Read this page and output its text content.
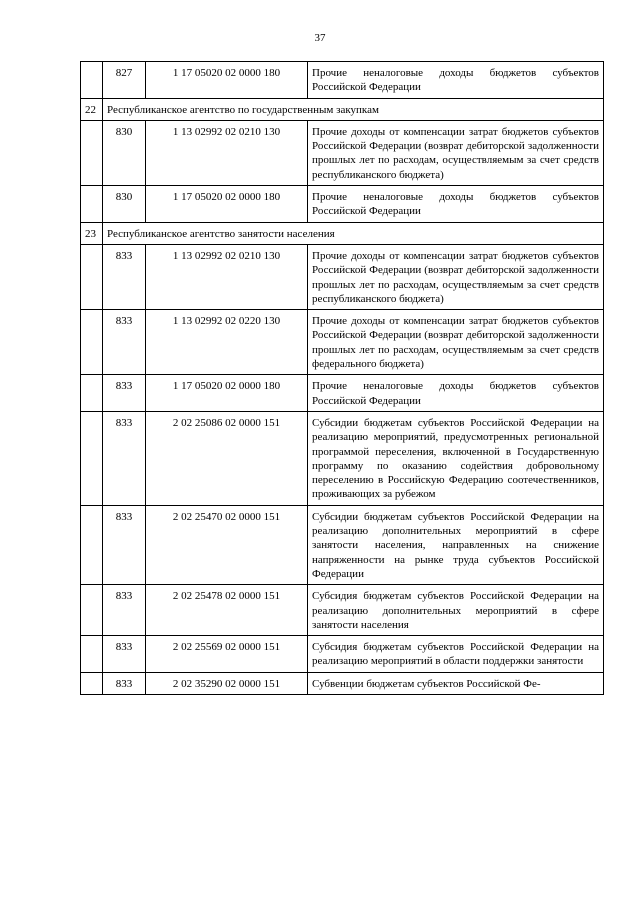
37
	827	1 17 05020 02 0000 180	Прочие неналоговые доходы бюджетов субъектов Российской Федерации
22	Республиканское агентство по государственным закупкам		
	830	1 13 02992 02 0210 130	Прочие доходы от компенсации затрат бюджетов субъектов Российской Федерации (возврат дебиторской задолженности прошлых лет по расходам, осуществляемым за счет средств республиканского бюджета)
	830	1 17 05020 02 0000 180	Прочие неналоговые доходы бюджетов субъектов Российской Федерации
23	Республиканское агентство занятости населения		
	833	1 13 02992 02 0210 130	Прочие доходы от компенсации затрат бюджетов субъектов Российской Федерации (возврат дебиторской задолженности прошлых лет по расходам, осуществляемым за счет средств республиканского бюджета)
	833	1 13 02992 02 0220 130	Прочие доходы от компенсации затрат бюджетов субъектов Российской Федерации (возврат дебиторской задолженности прошлых лет по расходам, осуществляемым за счет средств федерального бюджета)
	833	1 17 05020 02 0000 180	Прочие неналоговые доходы бюджетов субъектов Российской Федерации
	833	2 02 25086 02 0000 151	Субсидии бюджетам субъектов Российской Федерации на реализацию мероприятий, предусмотренных региональной программой переселения, включенной в Государственную программу по оказанию содействия добровольному переселению в Российскую Федерацию соотечественников, проживающих за рубежом
	833	2 02 25470 02 0000 151	Субсидии бюджетам субъектов Российской Федерации на реализацию дополнительных мероприятий в сфере занятости населения, направленных на снижение напряженности на рынке труда субъектов Российской Федерации
	833	2 02 25478 02 0000 151	Субсидия бюджетам субъектов Российской Федерации на реализацию дополнительных мероприятий в сфере занятости населения
	833	2 02 25569 02 0000 151	Субсидия бюджетам субъектов Российской Федерации на реализацию мероприятий в области поддержки занятости
	833	2 02 35290 02 0000 151	Субвенции бюджетам субъектов Российской Фе-
